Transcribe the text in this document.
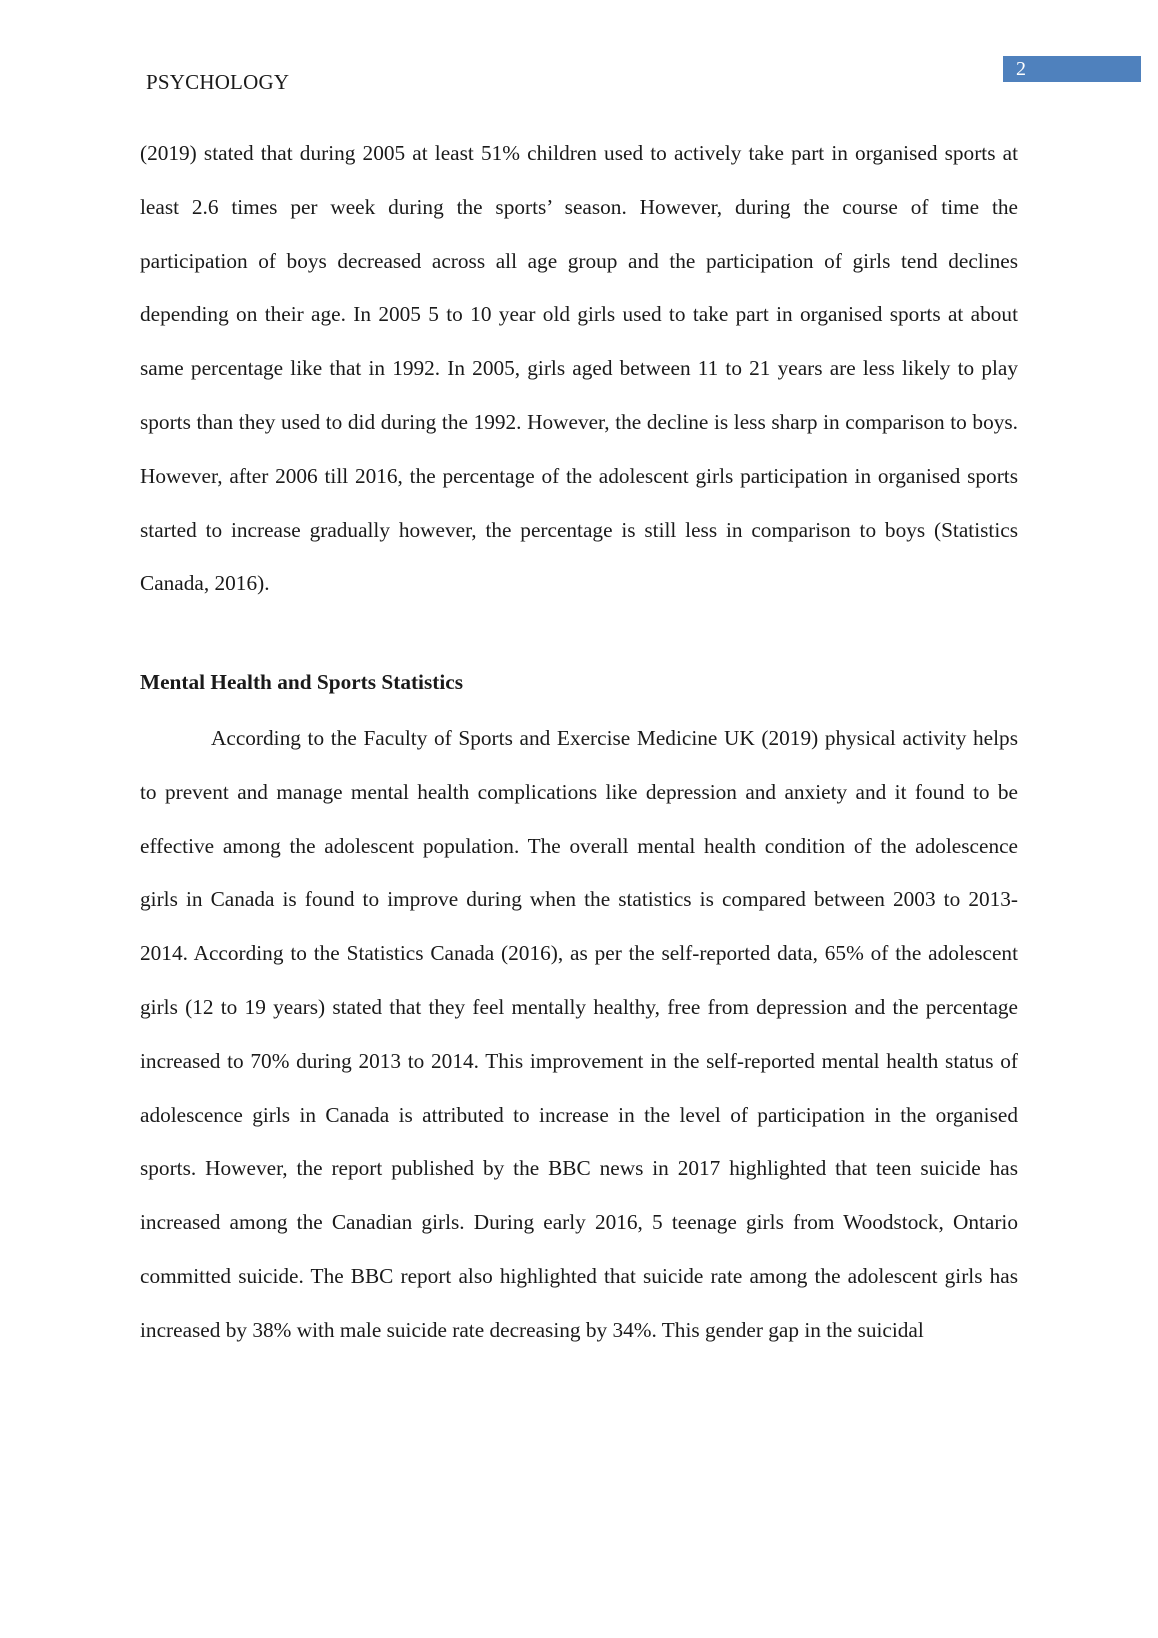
PSYCHOLOGY
2

(2019) stated that during 2005 at least 51% children used to actively take part in organised sports at least 2.6 times per week during the sports’ season. However, during the course of time the participation of boys decreased across all age group and the participation of girls tend declines depending on their age. In 2005 5 to 10 year old girls used to take part in organised sports at about same percentage like that in 1992. In 2005, girls aged between 11 to 21 years are less likely to play sports than they used to did during the 1992. However, the decline is less sharp in comparison to boys. However, after 2006 till 2016, the percentage of the adolescent girls participation in organised sports started to increase gradually however, the percentage is still less in comparison to boys (Statistics Canada, 2016).

Mental Health and Sports Statistics

According to the Faculty of Sports and Exercise Medicine UK (2019) physical activity helps to prevent and manage mental health complications like depression and anxiety and it found to be effective among the adolescent population. The overall mental health condition of the adolescence girls in Canada is found to improve during when the statistics is compared between 2003 to 2013-2014. According to the Statistics Canada (2016), as per the self-reported data, 65% of the adolescent girls (12 to 19 years) stated that they feel mentally healthy, free from depression and the percentage increased to 70% during 2013 to 2014. This improvement in the self-reported mental health status of adolescence girls in Canada is attributed to increase in the level of participation in the organised sports. However, the report published by the BBC news in 2017 highlighted that teen suicide has increased among the Canadian girls. During early 2016, 5 teenage girls from Woodstock, Ontario committed suicide. The BBC report also highlighted that suicide rate among the adolescent girls has increased by 38% with male suicide rate decreasing by 34%. This gender gap in the suicidal
